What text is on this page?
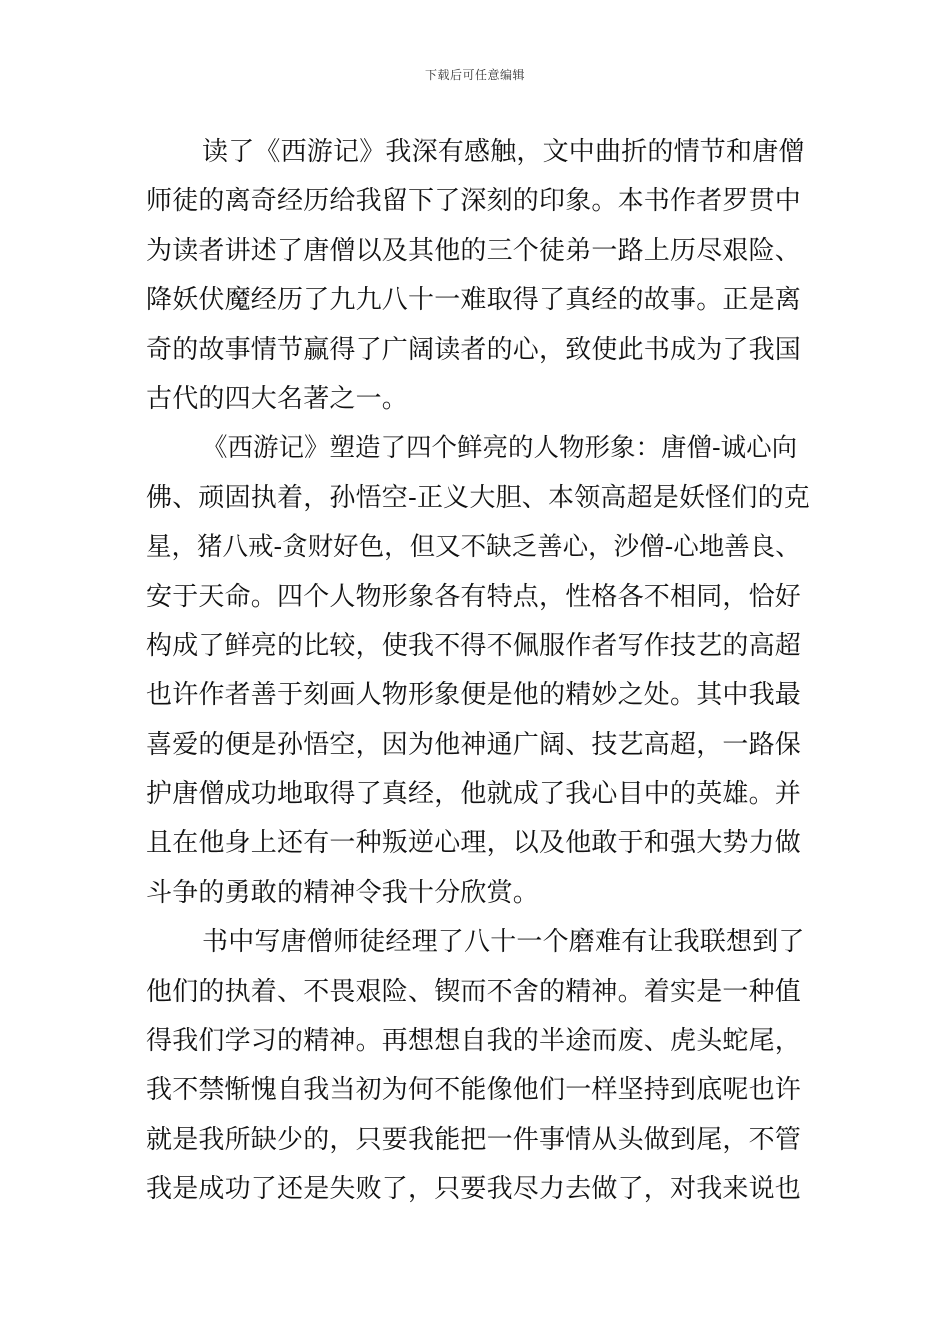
下载后可任意编辑
读了《西游记》我深有感触，文中曲折的情节和唐僧
师徒的离奇经历给我留下了深刻的印象。本书作者罗贯中
为读者讲述了唐僧以及其他的三个徒弟一路上历尽艰险、
降妖伏魔经历了九九八十一难取得了真经的故事。正是离
奇的故事情节赢得了广阔读者的心，致使此书成为了我国
古代的四大名著之一。
《西游记》塑造了四个鲜亮的人物形象：唐僧-诚心向
佛、顽固执着，孙悟空-正义大胆、本领高超是妖怪们的克
星，猪八戒-贪财好色，但又不缺乏善心，沙僧-心地善良、
安于天命。四个人物形象各有特点，性格各不相同，恰好
构成了鲜亮的比较，使我不得不佩服作者写作技艺的高超
也许作者善于刻画人物形象便是他的精妙之处。其中我最
喜爱的便是孙悟空，因为他神通广阔、技艺高超，一路保
护唐僧成功地取得了真经，他就成了我心目中的英雄。并
且在他身上还有一种叛逆心理，以及他敢于和强大势力做
斗争的勇敢的精神令我十分欣赏。
书中写唐僧师徒经理了八十一个磨难有让我联想到了
他们的执着、不畏艰险、锲而不舍的精神。着实是一种值
得我们学习的精神。再想想自我的半途而废、虎头蛇尾，
我不禁惭愧自我当初为何不能像他们一样坚持到底呢也许
就是我所缺少的，只要我能把一件事情从头做到尾，不管
我是成功了还是失败了，只要我尽力去做了，对我来说也
